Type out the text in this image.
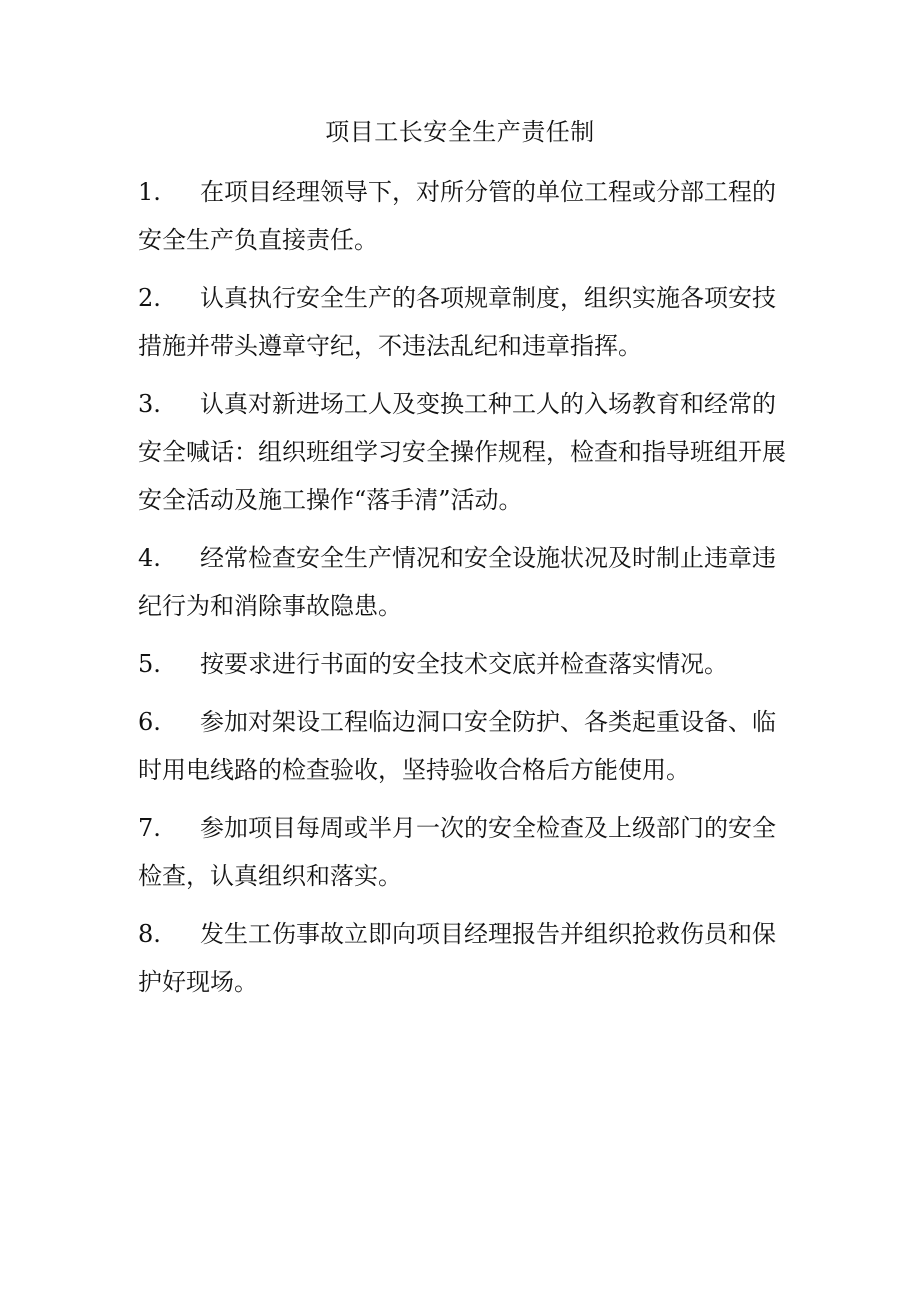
项目工长安全生产责任制
1. 在项目经理领导下，对所分管的单位工程或分部工程的安全生产负直接责任。
2. 认真执行安全生产的各项规章制度，组织实施各项安技措施并带头遵章守纪，不违法乱纪和违章指挥。
3. 认真对新进场工人及变换工种工人的入场教育和经常的安全喊话：组织班组学习安全操作规程，检查和指导班组开展安全活动及施工操作“落手清”活动。
4. 经常检查安全生产情况和安全设施状况及时制止违章违纪行为和消除事故隐患。
5. 按要求进行书面的安全技术交底并检查落实情况。
6. 参加对架设工程临边洞口安全防护、各类起重设备、临时用电线路的检查验收，坚持验收合格后方能使用。
7. 参加项目每周或半月一次的安全检查及上级部门的安全检查，认真组织和落实。
8. 发生工伤事故立即向项目经理报告并组织抢救伤员和保护好现场。
